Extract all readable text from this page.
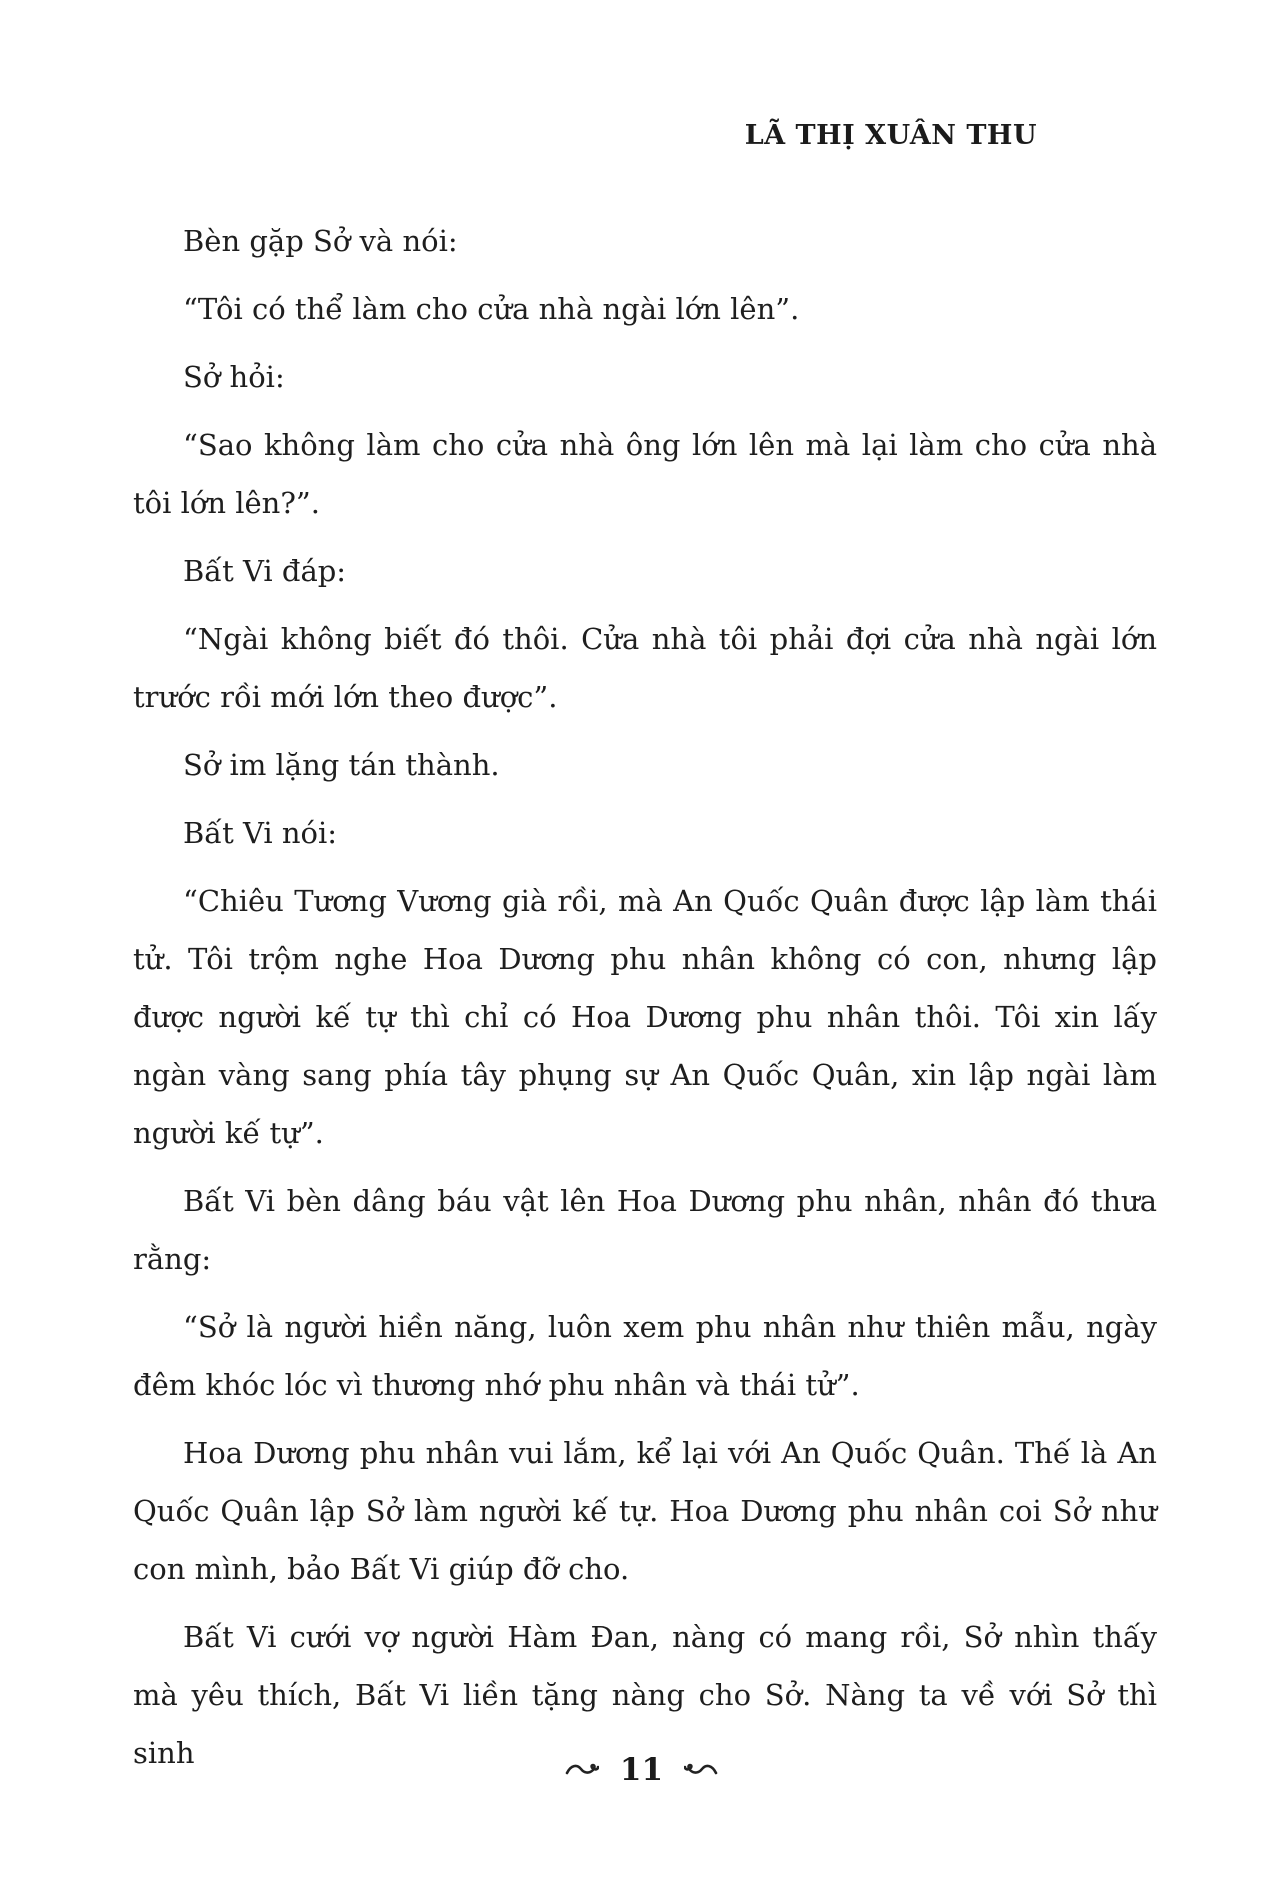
LÃ THỊ XUÂN THU

Bèn gặp Sở và nói:

“Tôi có thể làm cho cửa nhà ngài lớn lên”.

Sở hỏi:

“Sao không làm cho cửa nhà ông lớn lên mà lại làm cho cửa nhà tôi lớn lên?”.

Bất Vi đáp:

“Ngài không biết đó thôi. Cửa nhà tôi phải đợi cửa nhà ngài lớn trước rồi mới lớn theo được”.

Sở im lặng tán thành.

Bất Vi nói:

“Chiêu Tương Vương già rồi, mà An Quốc Quân được lập làm thái tử. Tôi trộm nghe Hoa Dương phu nhân không có con, nhưng lập được người kế tự thì chỉ có Hoa Dương phu nhân thôi. Tôi xin lấy ngàn vàng sang phía tây phụng sự An Quốc Quân, xin lập ngài làm người kế tự”.

Bất Vi bèn dâng báu vật lên Hoa Dương phu nhân, nhân đó thưa rằng:

“Sở là người hiền năng, luôn xem phu nhân như thiên mẫu, ngày đêm khóc lóc vì thương nhớ phu nhân và thái tử”.

Hoa Dương phu nhân vui lắm, kể lại với An Quốc Quân. Thế là An Quốc Quân lập Sở làm người kế tự. Hoa Dương phu nhân coi Sở như con mình, bảo Bất Vi giúp đỡ cho.

Bất Vi cưới vợ người Hàm Đan, nàng có mang rồi, Sở nhìn thấy mà yêu thích, Bất Vi liền tặng nàng cho Sở. Nàng ta về với Sở thì sinh	11
